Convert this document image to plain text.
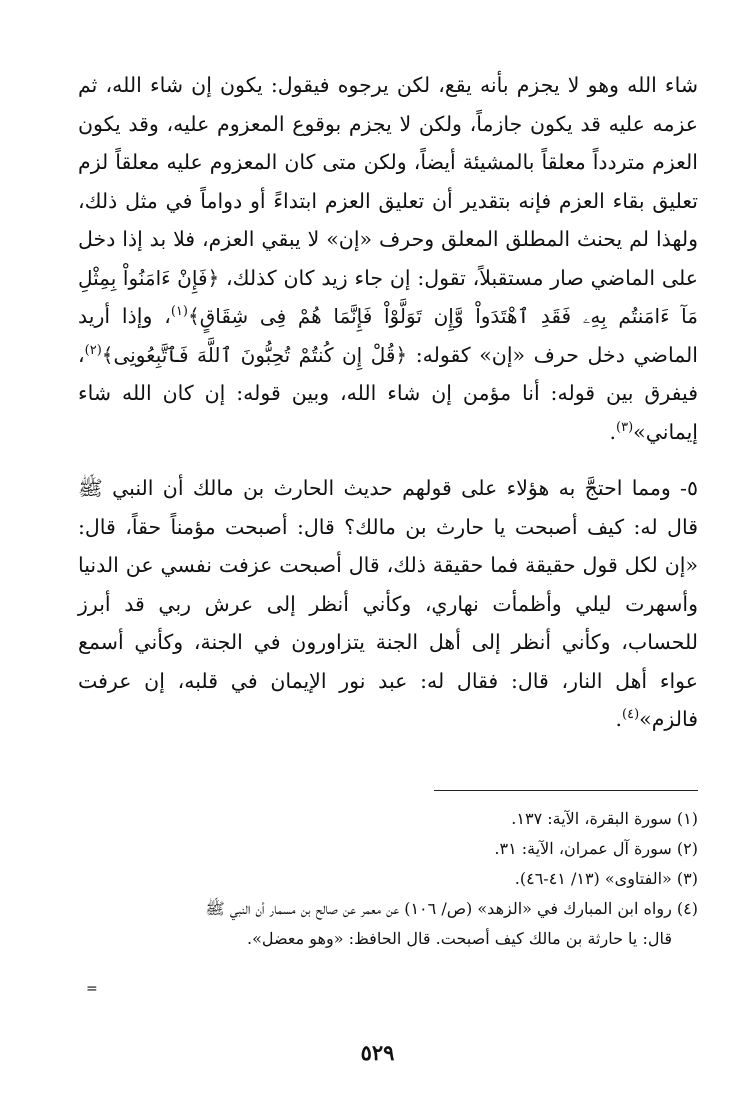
شاء الله وهو لا يجزم بأنه يقع، لكن يرجوه فيقول: يكون إن شاء الله، ثم عزمه عليه قد يكون جازماً، ولكن لا يجزم بوقوع المعزوم عليه، وقد يكون العزم متردداً معلقاً بالمشيئة أيضاً، ولكن متى كان المعزوم عليه معلقاً لزم تعليق بقاء العزم فإنه بتقدير أن تعليق العزم ابتداءً أو دواماً في مثل ذلك، ولهذا لم يحنث المطلق المعلق وحرف «إن» لا يبقي العزم، فلا بد إذا دخل على الماضي صار مستقبلاً، تقول: إن جاء زيد كان كذلك، ﴿فَإِنْ ءَامَنُواْ بِمِثْلِ مَآ ءَامَنتُم بِهِۦ فَقَدِ ٱهْتَدَواْ وَّإِن تَوَلَّوْاْ فَإِنَّمَا هُمْ فِى شِقَاقٍ﴾$^{(١)}$، وإذا أريد الماضي دخل حرف «إن» كقوله: ﴿قُلْ إِن كُنتُمْ تُحِبُّونَ ٱللَّهَ فَٱتَّبِعُونِى﴾$^{(٢)}$، فيفرق بين قوله: أنا مؤمن إن شاء الله، وبين قوله: إن كان الله شاء إيماني»$^{(٣)}$.

٥- ومما احتجَّ به هؤلاء على قولهم حديث الحارث بن مالك أن النبي ﷺ قال له: كيف أصبحت يا حارث بن مالك؟ قال: أصبحت مؤمناً حقاً، قال: «إن لكل قول حقيقة فما حقيقة ذلك، قال أصبحت عزفت نفسي عن الدنيا وأسهرت ليلي وأظمأت نهاري، وكأني أنظر إلى عرش ربي قد أبرز للحساب، وكأني أنظر إلى أهل الجنة يتزاورون في الجنة، وكأني أسمع عواء أهل النار، قال: فقال له: عبد نور الإيمان في قلبه، إن عرفت فالزم»$^{(٤)}$.

(١) سورة البقرة، الآية: ١٣٧.
(٢) سورة آل عمران، الآية: ٣١.
(٣) «الفتاوى» (١٣/ ٤١-٤٦).
(٤) رواه ابن المبارك في «الزهد» (ص/ ١٠٦) عن معمر عن صالح بن مسمار أن النبي ﷺ
قال: يا حارثة بن مالك كيف أصبحت. قال الحافظ: «وهو معضل».
=
٥٢٩
